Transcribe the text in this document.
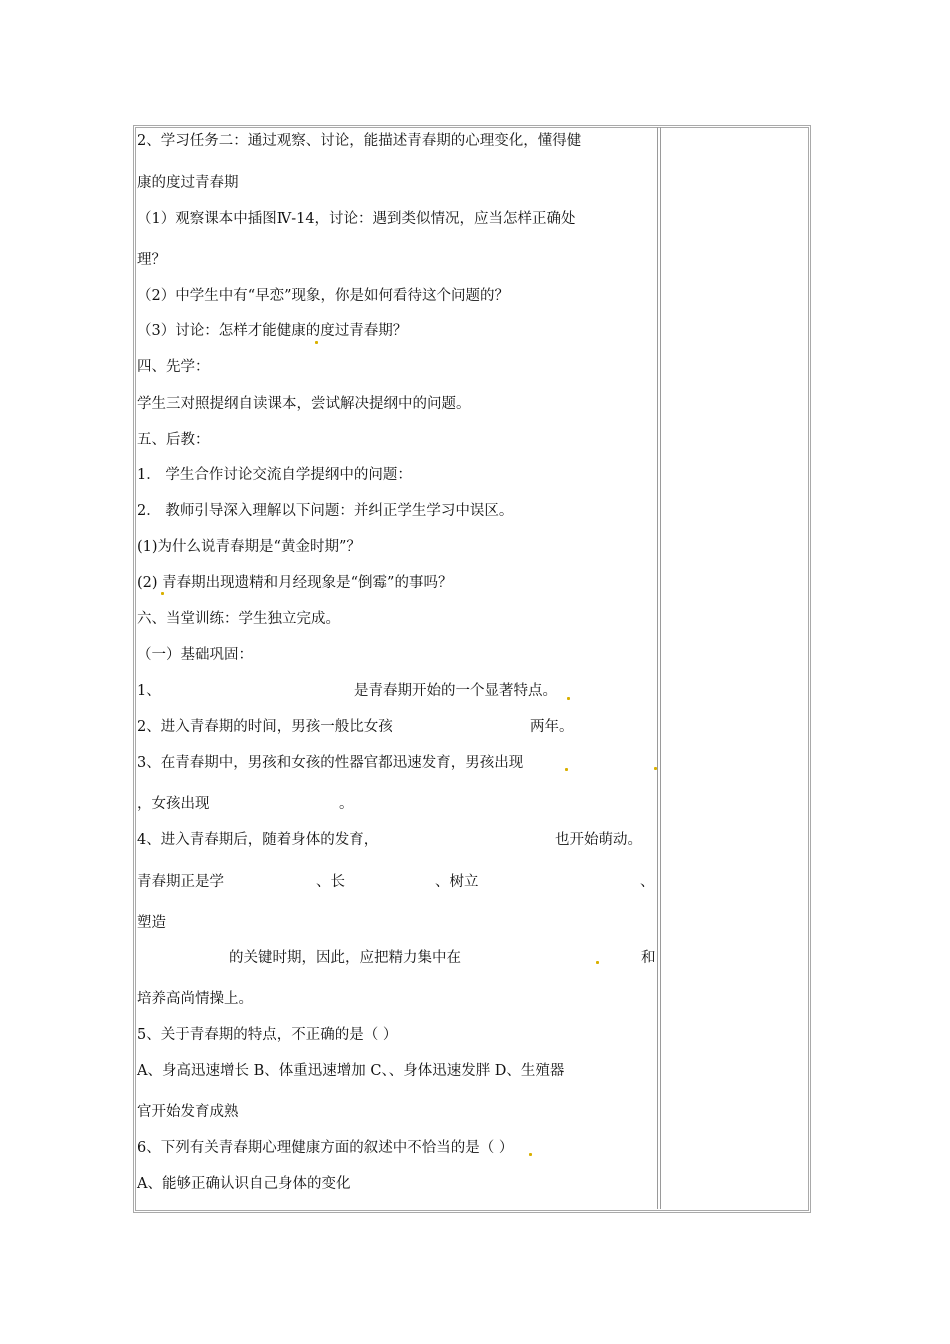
2、学习任务二：通过观察、讨论，能描述青春期的心理变化，懂得健
康的度过青春期
（1）观察课本中插图Ⅳ-14，讨论：遇到类似情况，应当怎样正确处
理？
（2）中学生中有“早恋”现象，你是如何看待这个问题的？
（3）讨论：怎样才能健康的度过青春期？
四、先学：
学生三对照提纲自读课本，尝试解决提纲中的问题。
五、后教：
1． 学生合作讨论交流自学提纲中的问题：
2． 教师引导深入理解以下问题：并纠正学生学习中误区。
(1)为什么说青春期是“黄金时期”？
(2) 青春期出现遗精和月经现象是“倒霉”的事吗？
六、当堂训练：学生独立完成。
（一）基础巩固：
1、	是青春期开始的一个显著特点。
2、进入青春期的时间，男孩一般比女孩	两年。
3、在青春期中，男孩和女孩的性器官都迅速发育，男孩出现
，女孩出现	。
4、进入青春期后，随着身体的发育，	也开始萌动。
青春期正是学	、长	、树立	、
塑造
的关键时期，因此，应把精力集中在	和
培养高尚情操上。
5、关于青春期的特点，不正确的是（ ）
A、身高迅速增长 B、体重迅速增加 C、、身体迅速发胖 D、生殖器
官开始发育成熟
6、下列有关青春期心理健康方面的叙述中不恰当的是（ ）
A、能够正确认识自己身体的变化
